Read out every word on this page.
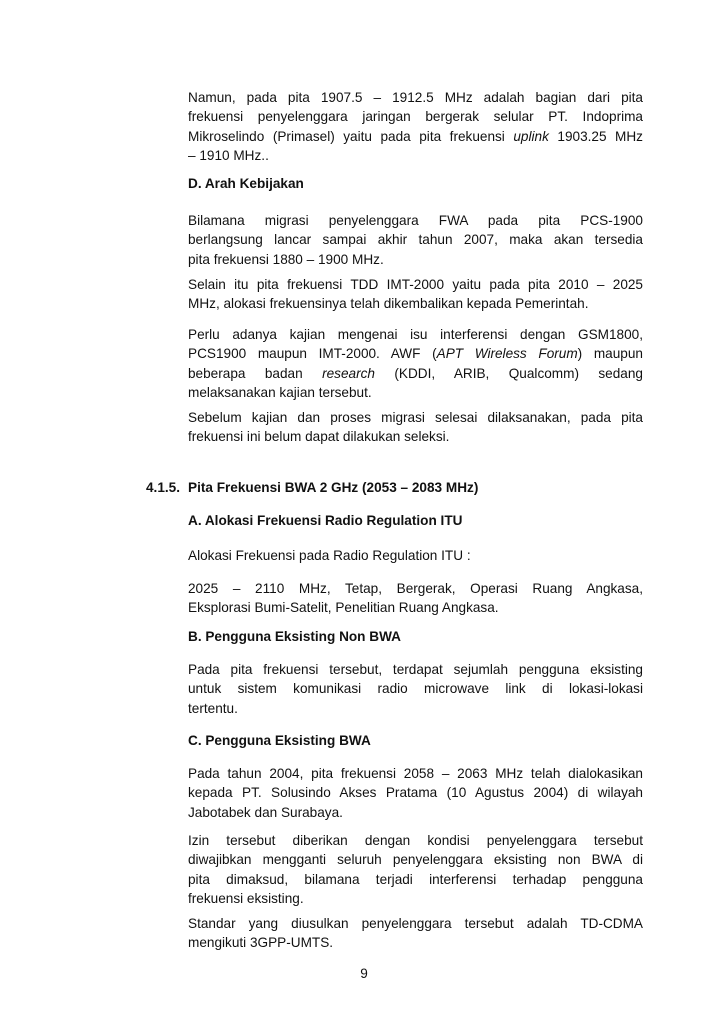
Namun, pada pita 1907.5 – 1912.5 MHz adalah bagian dari pita
frekuensi penyelenggara jaringan bergerak selular PT. Indoprima
Mikroselindo (Primasel) yaitu pada pita frekuensi uplink 1903.25 MHz
– 1910 MHz..

D. Arah Kebijakan

Bilamana migrasi penyelenggara FWA pada pita PCS-1900
berlangsung lancar sampai akhir tahun 2007, maka akan tersedia
pita frekuensi 1880 – 1900 MHz.

Selain itu pita frekuensi TDD IMT-2000 yaitu pada pita 2010 – 2025
MHz, alokasi frekuensinya telah dikembalikan kepada Pemerintah.

Perlu adanya kajian mengenai isu interferensi dengan GSM1800,
PCS1900 maupun IMT-2000. AWF (APT Wireless Forum) maupun
beberapa badan research (KDDI, ARIB, Qualcomm) sedang
melaksanakan kajian tersebut.

Sebelum kajian dan proses migrasi selesai dilaksanakan, pada pita
frekuensi ini belum dapat dilakukan seleksi.

4.1.5. Pita Frekuensi BWA 2 GHz (2053 – 2083 MHz)

A. Alokasi Frekuensi Radio Regulation ITU

Alokasi Frekuensi pada Radio Regulation ITU :

2025 – 2110 MHz, Tetap, Bergerak, Operasi Ruang Angkasa,
Eksplorasi Bumi-Satelit, Penelitian Ruang Angkasa.

B. Pengguna Eksisting Non BWA

Pada pita frekuensi tersebut, terdapat sejumlah pengguna eksisting
untuk sistem komunikasi radio microwave link di lokasi-lokasi
tertentu.

C. Pengguna Eksisting BWA

Pada tahun 2004, pita frekuensi 2058 – 2063 MHz telah dialokasikan
kepada PT. Solusindo Akses Pratama (10 Agustus 2004) di wilayah
Jabotabek dan Surabaya.

Izin tersebut diberikan dengan kondisi penyelenggara tersebut
diwajibkan mengganti seluruh penyelenggara eksisting non BWA di
pita dimaksud, bilamana terjadi interferensi terhadap pengguna
frekuensi eksisting.

Standar yang diusulkan penyelenggara tersebut adalah TD-CDMA
mengikuti 3GPP-UMTS.

9
